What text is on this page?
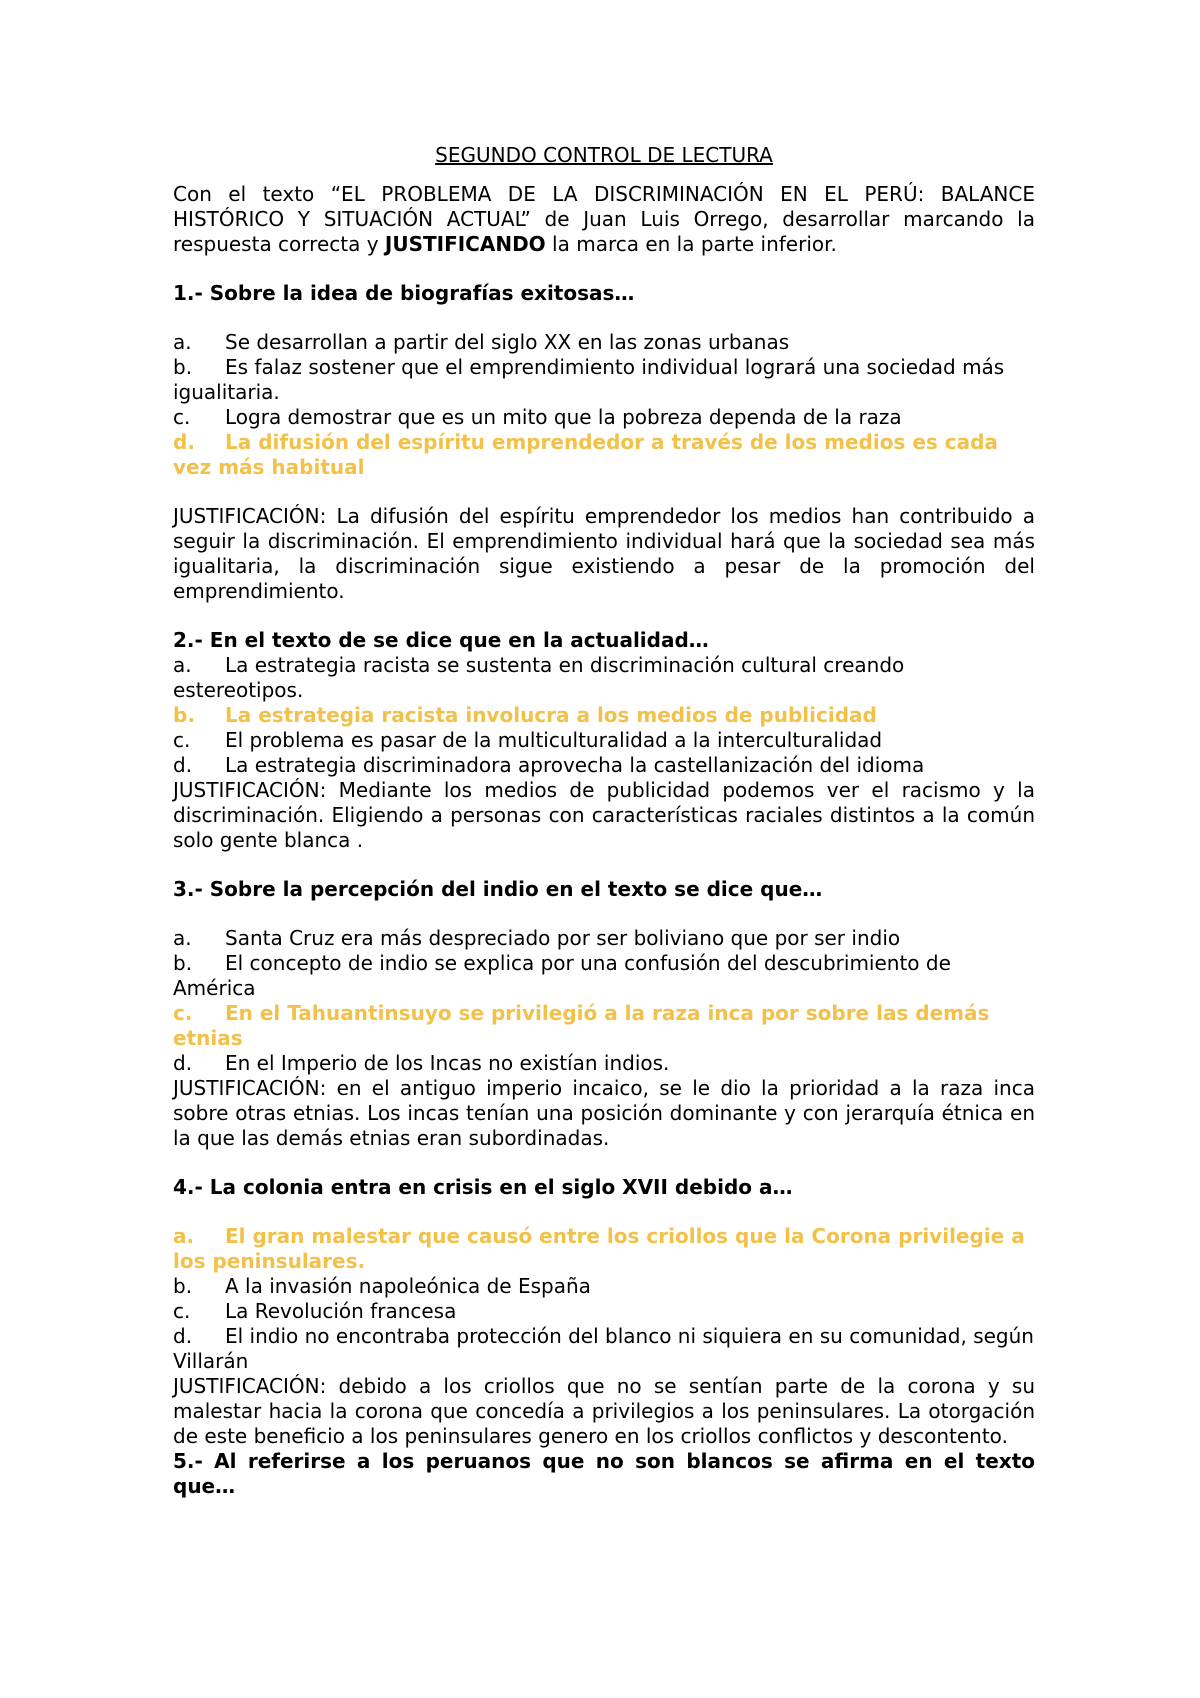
SEGUNDO CONTROL DE LECTURA

Con el texto “EL PROBLEMA DE LA DISCRIMINACIÓN EN EL PERÚ: BALANCE HISTÓRICO Y SITUACIÓN ACTUAL” de Juan Luis Orrego, desarrollar marcando la respuesta correcta y JUSTIFICANDO la marca en la parte inferior.

1.- Sobre la idea de biografías exitosas…

a.	Se desarrollan a partir del siglo XX en las zonas urbanas
b. Es falaz sostener que el emprendimiento individual logrará una sociedad más igualitaria.
c.	Logra demostrar que es un mito que la pobreza dependa de la raza
d. La difusión del espíritu emprendedor a través de los medios es cada vez más habitual

JUSTIFICACIÓN: La difusión del espíritu emprendedor los medios han contribuido a seguir la discriminación. El emprendimiento individual hará que la sociedad sea más igualitaria, la discriminación sigue existiendo a pesar de la promoción del emprendimiento.

2.- En el texto de se dice que en la actualidad…

a. La estrategia racista se sustenta en discriminación cultural creando estereotipos.
b.	La estrategia racista involucra a los medios de publicidad
c.	El problema es pasar de la multiculturalidad a la interculturalidad
d.	La estrategia discriminadora aprovecha la castellanización del idioma

JUSTIFICACIÓN: Mediante los medios de publicidad podemos ver el racismo y la discriminación. Eligiendo a personas con características raciales distintos a la común solo gente blanca .

3.- Sobre la percepción del indio en el texto se dice que…

a.	Santa Cruz era más despreciado por ser boliviano que por ser indio
b. El concepto de indio se explica por una confusión del descubrimiento de América
c. En el Tahuantinsuyo se privilegió a la raza inca por sobre las demás etnias
d.	En el Imperio de los Incas no existían indios.

JUSTIFICACIÓN: en el antiguo imperio incaico, se le dio la prioridad a la raza inca sobre otras etnias. Los incas tenían una posición dominante y con jerarquía étnica en la que las demás etnias eran subordinadas.

4.- La colonia entra en crisis en el siglo XVII debido a…

a. El gran malestar que causó entre los criollos que la Corona privilegie a los peninsulares.
b.	A la invasión napoleónica de España
c.	La Revolución francesa
d. El indio no encontraba protección del blanco ni siquiera en su comunidad, según Villarán

JUSTIFICACIÓN: debido a los criollos que no se sentían parte de la corona y su malestar hacia la corona que concedía a privilegios a los peninsulares. La otorgación de este beneficio a los peninsulares genero en los criollos conflictos y descontento.

5.- Al referirse a los peruanos que no son blancos se afirma en el texto que…
